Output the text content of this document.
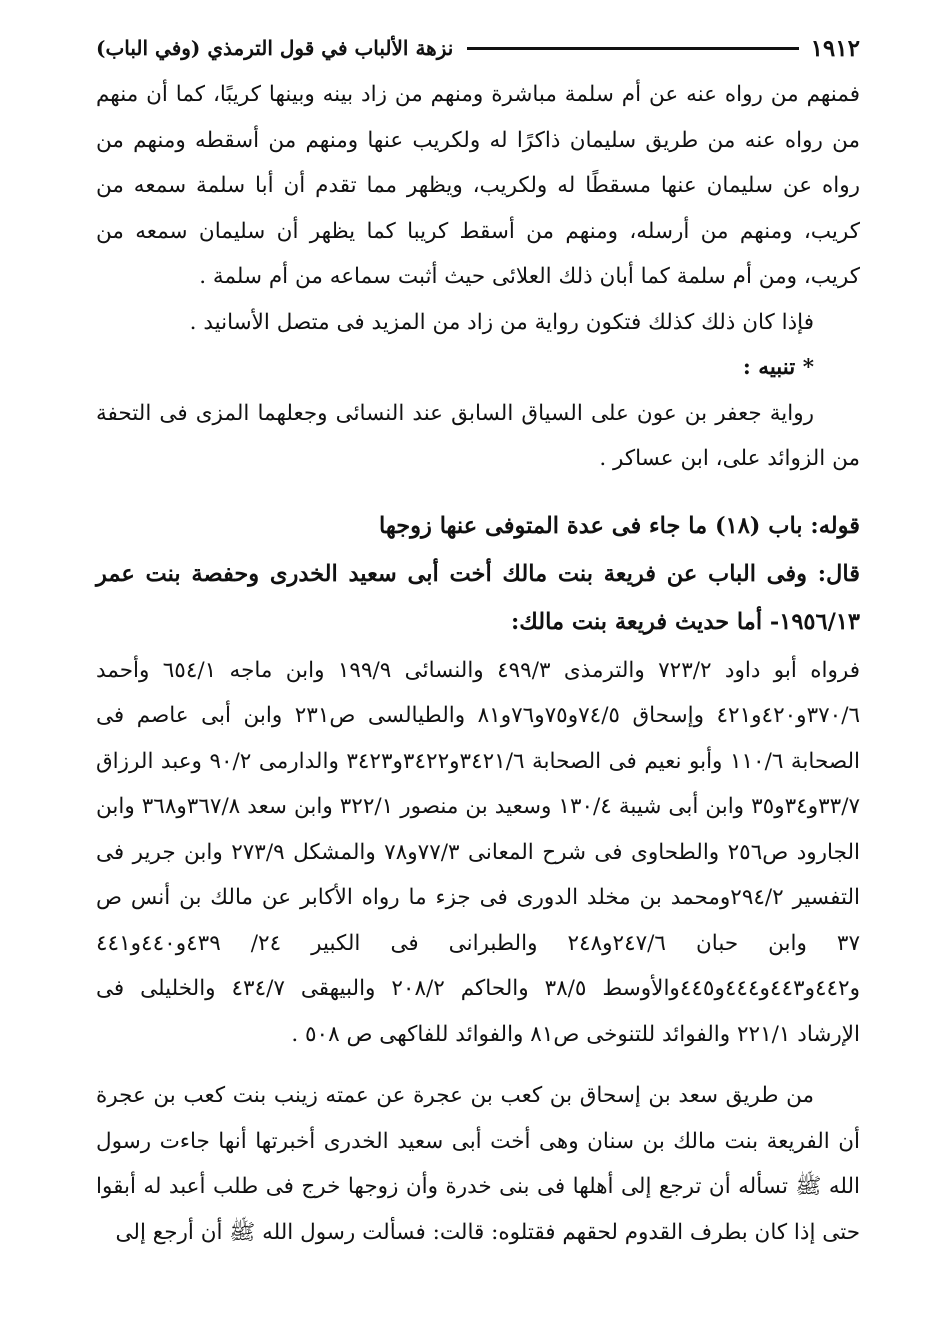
١٩١٢
نزهة الألباب في قول الترمذي (وفي الباب)

فمنهم من رواه عنه عن أم سلمة مباشرة ومنهم من زاد بينه وبينها كريبًا، كما أن منهم من رواه عنه من طريق سليمان ذاكرًا له ولكريب عنها ومنهم من أسقطه ومنهم من رواه عن سليمان عنها مسقطًا له ولكريب، ويظهر مما تقدم أن أبا سلمة سمعه من كريب، ومنهم من أرسله، ومنهم من أسقط كريبا كما يظهر أن سليمان سمعه من كريب، ومن أم سلمة كما أبان ذلك العلائى حيث أثبت سماعه من أم سلمة .

فإذا كان ذلك كذلك فتكون رواية من زاد من المزيد فى متصل الأسانيد .

* تنبيه :

رواية جعفر بن عون على السياق السابق عند النسائى وجعلهما المزى فى التحفة من الزوائد على، ابن عساكر .

قوله: باب (١٨) ما جاء فى عدة المتوفى عنها زوجها

قال: وفى الباب عن فريعة بنت مالك أخت أبى سعيد الخدرى وحفصة بنت عمر

١٩٥٦/١٣- أما حديث فريعة بنت مالك:

فرواه أبو داود ٧٢٣/٢ والترمذى ٤٩٩/٣ والنسائى ١٩٩/٩ وابن ماجه ٦٥٤/١ وأحمد ٣٧٠/٦و٤٢٠و٤٢١ وإسحاق ٧٤/٥و٧٥و٧٦و٨١ والطيالسى ص٢٣١ وابن أبى عاصم فى الصحابة ١١٠/٦ وأبو نعيم فى الصحابة ٣٤٢١/٦و٣٤٢٢و٣٤٢٣ والدارمى ٩٠/٢ وعبد الرزاق ٣٣/٧و٣٤و٣٥ وابن أبى شيبة ١٣٠/٤ وسعيد بن منصور ٣٢٢/١ وابن سعد ٣٦٧/٨و٣٦٨ وابن الجارود ص٢٥٦ والطحاوى فى شرح المعانى ٧٧/٣و٧٨ والمشكل ٢٧٣/٩ وابن جرير فى التفسير ٢٩٤/٢ومحمد بن مخلد الدورى فى جزء ما رواه الأكابر عن مالك بن أنس ص ٣٧ وابن حبان ٢٤٧/٦و٢٤٨ والطبرانى فى الكبير ٢٤/ ٤٣٩و٤٤٠و٤٤١ و٤٤٢و٤٤٣و٤٤٤و٤٤٥والأوسط ٣٨/٥ والحاكم ٢٠٨/٢ والبيهقى ٤٣٤/٧ والخليلى فى الإرشاد ٢٢١/١ والفوائد للتنوخى ص٨١ والفوائد للفاكهى ص ٥٠٨ .

من طريق سعد بن إسحاق بن كعب بن عجرة عن عمته زينب بنت كعب بن عجرة أن الفريعة بنت مالك بن سنان وهى أخت أبى سعيد الخدرى أخبرتها أنها جاءت رسول الله ﷺ تسأله أن ترجع إلى أهلها فى بنى خدرة وأن زوجها خرج فى طلب أعبد له أبقوا حتى إذا كان بطرف القدوم لحقهم فقتلوه: قالت: فسألت رسول الله ﷺ أن أرجع إلى
